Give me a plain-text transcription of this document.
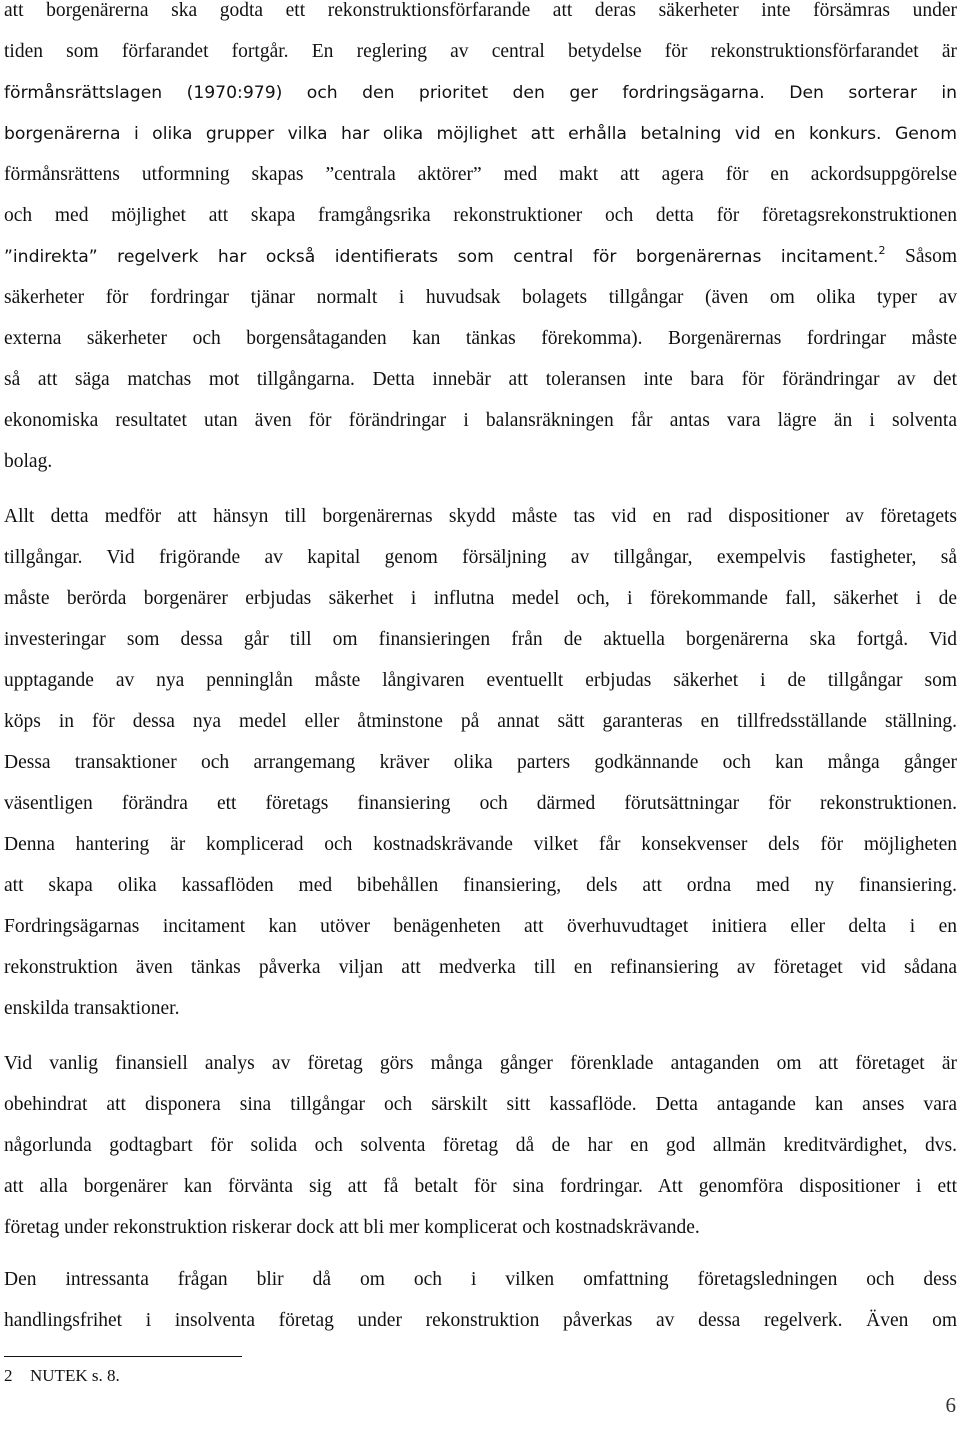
att borgenärerna ska godta ett rekonstruktionsförfarande att deras säkerheter inte försämras under
tiden som förfarandet fortgår. En reglering av central betydelse för rekonstruktionsförfarandet är
förmånsrättslagen (1970:979) och den prioritet den ger fordringsägarna. Den sorterar in
borgenärerna i olika grupper vilka har olika möjlighet att erhålla betalning vid en konkurs. Genom
förmånsrättens utformning skapas ”centrala aktörer” med makt att agera för en ackordsuppgörelse
och med möjlighet att skapa framgångsrika rekonstruktioner och detta för företagsrekonstruktionen
”indirekta” regelverk har också identifierats som central för borgenärernas incitament.$^2$ Såsom
säkerheter för fordringar tjänar normalt i huvudsak bolagets tillgångar (även om olika typer av
externa säkerheter och borgensåtaganden kan tänkas förekomma). Borgenärernas fordringar måste
så att säga matchas mot tillgångarna. Detta innebär att toleransen inte bara för förändringar av det
ekonomiska resultatet utan även för förändringar i balansräkningen får antas vara lägre än i solventa
bolag.
Allt detta medför att hänsyn till borgenärernas skydd måste tas vid en rad dispositioner av företagets
tillgångar. Vid frigörande av kapital genom försäljning av tillgångar, exempelvis fastigheter, så
måste berörda borgenärer erbjudas säkerhet i influtna medel och, i förekommande fall, säkerhet i de
investeringar som dessa går till om finansieringen från de aktuella borgenärerna ska fortgå. Vid
upptagande av nya penninglån måste långivaren eventuellt erbjudas säkerhet i de tillgångar som
köps in för dessa nya medel eller åtminstone på annat sätt garanteras en tillfredsställande ställning.
Dessa transaktioner och arrangemang kräver olika parters godkännande och kan många gånger
väsentligen förändra ett företags finansiering och därmed förutsättningar för rekonstruktionen.
Denna hantering är komplicerad och kostnadskrävande vilket får konsekvenser dels för möjligheten
att skapa olika kassaflöden med bibehållen finansiering, dels att ordna med ny finansiering.
Fordringsägarnas incitament kan utöver benägenheten att överhuvudtaget initiera eller delta i en
rekonstruktion även tänkas påverka viljan att medverka till en refinansiering av företaget vid sådana
enskilda transaktioner.
Vid vanlig finansiell analys av företag görs många gånger förenklade antaganden om att företaget är
obehindrat att disponera sina tillgångar och särskilt sitt kassaflöde. Detta antagande kan anses vara
någorlunda godtagbart för solida och solventa företag då de har en god allmän kreditvärdighet, dvs.
att alla borgenärer kan förvänta sig att få betalt för sina fordringar. Att genomföra dispositioner i ett
företag under rekonstruktion riskerar dock att bli mer komplicerat och kostnadskrävande.
Den intressanta frågan blir då om och i vilken omfattning företagsledningen och dess
handlingsfrihet i insolventa företag under rekonstruktion påverkas av dessa regelverk. Även om
2 NUTEK s. 8.
6
